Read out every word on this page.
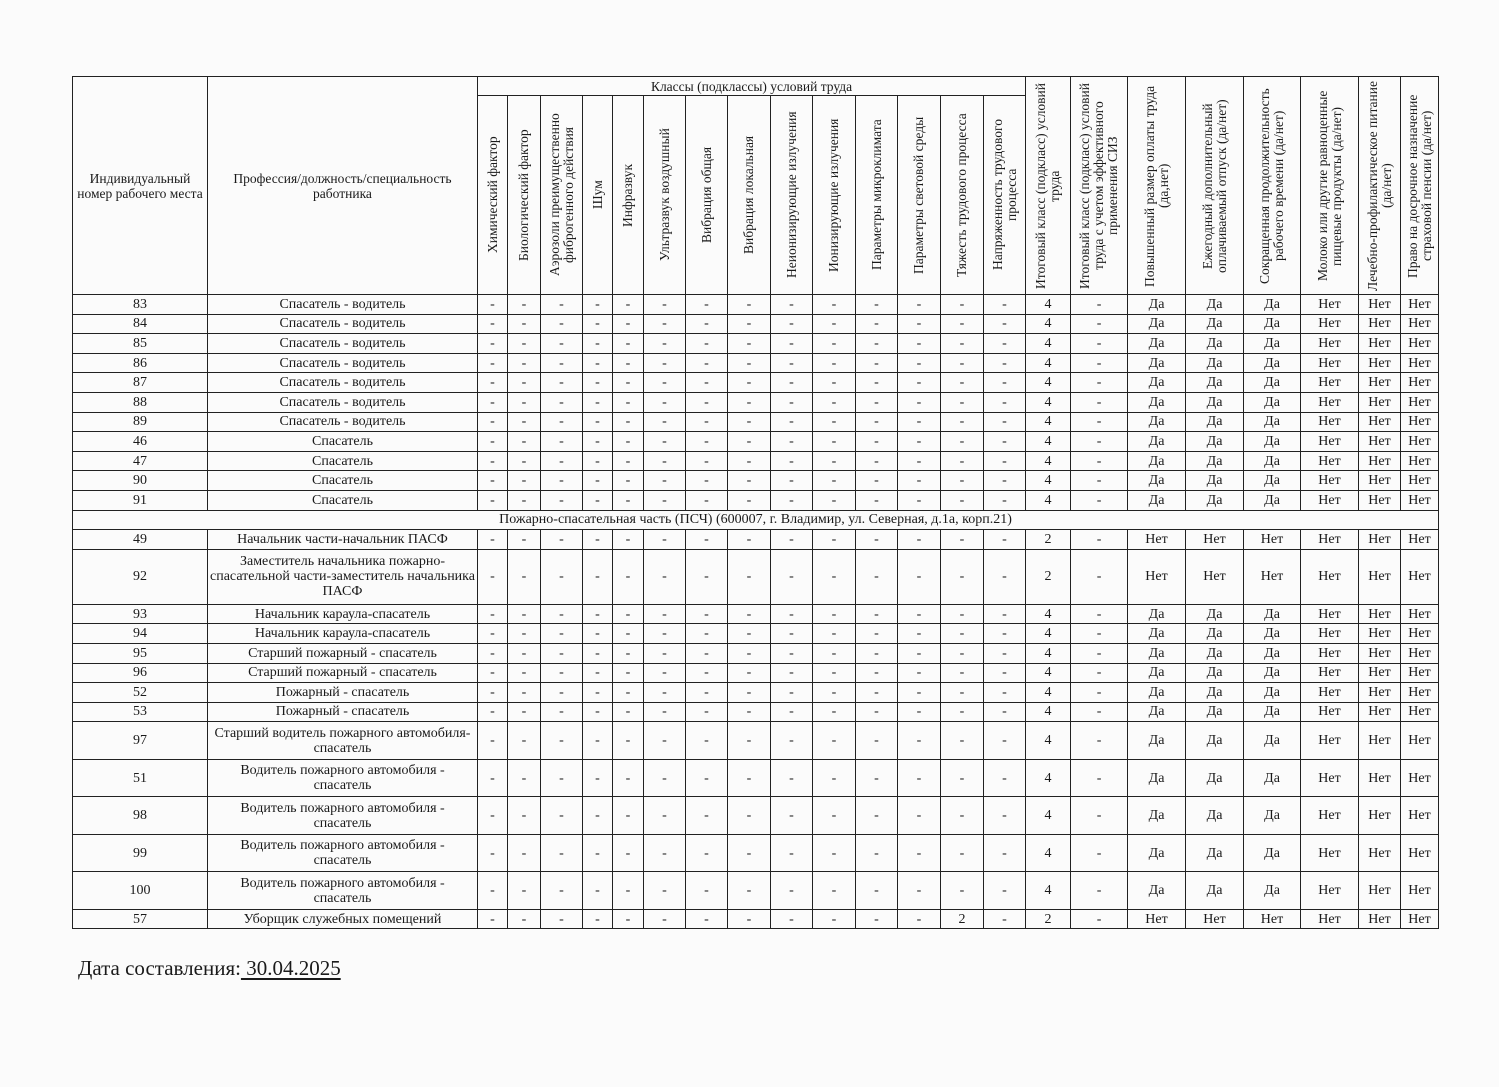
Индивидуальный номер рабочего места	Профессия/должность/специальность работника	Классы (подклассы) условий труда														Итоговый класс (подкласс) условий труда	Итоговый класс (подкласс) условий труда с учетом эффективного применения СИЗ	Повышенный размер оплаты труда (да,нет)	Ежегодный дополнительный оплачиваемый отпуск (да/нет)	Сокращенная продолжительность рабочего времени (да/нет)	Молоко или другие равноценные пищевые продукты (да/нет)	Лечебно-профилактическое питание (да/нет)	Право на досрочное назначение страховой пенсии (да/нет)

		Химический фактор	Биологический фактор	Аэрозоли преимущественно фиброгенного действия	Шум	Инфразвук	Ультразвук воздушный	Вибрация общая	Вибрация локальная	Неионизирующие излучения	Ионизирующие излучения	Параметры микроклимата	Параметры световой среды	Тяжесть трудового процесса	Напряженность трудового процесса								

83	Спасатель - водитель	-	-	-	-	-	-	-	-	-	-	-	-	-	-	4	-	Да	Да	Да	Нет	Нет	Нет
84	Спасатель - водитель	-	-	-	-	-	-	-	-	-	-	-	-	-	-	4	-	Да	Да	Да	Нет	Нет	Нет
85	Спасатель - водитель	-	-	-	-	-	-	-	-	-	-	-	-	-	-	4	-	Да	Да	Да	Нет	Нет	Нет
86	Спасатель - водитель	-	-	-	-	-	-	-	-	-	-	-	-	-	-	4	-	Да	Да	Да	Нет	Нет	Нет
87	Спасатель - водитель	-	-	-	-	-	-	-	-	-	-	-	-	-	-	4	-	Да	Да	Да	Нет	Нет	Нет
88	Спасатель - водитель	-	-	-	-	-	-	-	-	-	-	-	-	-	-	4	-	Да	Да	Да	Нет	Нет	Нет
89	Спасатель - водитель	-	-	-	-	-	-	-	-	-	-	-	-	-	-	4	-	Да	Да	Да	Нет	Нет	Нет
46	Спасатель	-	-	-	-	-	-	-	-	-	-	-	-	-	-	4	-	Да	Да	Да	Нет	Нет	Нет
47	Спасатель	-	-	-	-	-	-	-	-	-	-	-	-	-	-	4	-	Да	Да	Да	Нет	Нет	Нет
90	Спасатель	-	-	-	-	-	-	-	-	-	-	-	-	-	-	4	-	Да	Да	Да	Нет	Нет	Нет
91	Спасатель	-	-	-	-	-	-	-	-	-	-	-	-	-	-	4	-	Да	Да	Да	Нет	Нет	Нет
Пожарно-спасательная часть (ПСЧ) (600007, г. Владимир, ул. Северная, д.1а, корп.21)																							
49	Начальник части-начальник ПАСФ	-	-	-	-	-	-	-	-	-	-	-	-	-	-	2	-	Нет	Нет	Нет	Нет	Нет	Нет
92	Заместитель начальника пожарно-спасательной части-заместитель начальника ПАСФ	-	-	-	-	-	-	-	-	-	-	-	-	-	-	2	-	Нет	Нет	Нет	Нет	Нет	Нет
93	Начальник караула-спасатель	-	-	-	-	-	-	-	-	-	-	-	-	-	-	4	-	Да	Да	Да	Нет	Нет	Нет
94	Начальник караула-спасатель	-	-	-	-	-	-	-	-	-	-	-	-	-	-	4	-	Да	Да	Да	Нет	Нет	Нет
95	Старший пожарный - спасатель	-	-	-	-	-	-	-	-	-	-	-	-	-	-	4	-	Да	Да	Да	Нет	Нет	Нет
96	Старший пожарный - спасатель	-	-	-	-	-	-	-	-	-	-	-	-	-	-	4	-	Да	Да	Да	Нет	Нет	Нет
52	Пожарный - спасатель	-	-	-	-	-	-	-	-	-	-	-	-	-	-	4	-	Да	Да	Да	Нет	Нет	Нет
53	Пожарный - спасатель	-	-	-	-	-	-	-	-	-	-	-	-	-	-	4	-	Да	Да	Да	Нет	Нет	Нет
97	Старший водитель пожарного автомобиля-спасатель	-	-	-	-	-	-	-	-	-	-	-	-	-	-	4	-	Да	Да	Да	Нет	Нет	Нет
51	Водитель пожарного автомобиля - спасатель	-	-	-	-	-	-	-	-	-	-	-	-	-	-	4	-	Да	Да	Да	Нет	Нет	Нет
98	Водитель пожарного автомобиля - спасатель	-	-	-	-	-	-	-	-	-	-	-	-	-	-	4	-	Да	Да	Да	Нет	Нет	Нет
99	Водитель пожарного автомобиля - спасатель	-	-	-	-	-	-	-	-	-	-	-	-	-	-	4	-	Да	Да	Да	Нет	Нет	Нет
100	Водитель пожарного автомобиля - спасатель	-	-	-	-	-	-	-	-	-	-	-	-	-	-	4	-	Да	Да	Да	Нет	Нет	Нет
57	Уборщик служебных помещений	-	-	-	-	-	-	-	-	-	-	-	-	2	-	2	-	Нет	Нет	Нет	Нет	Нет	Нет
Дата составления: 30.04.2025
